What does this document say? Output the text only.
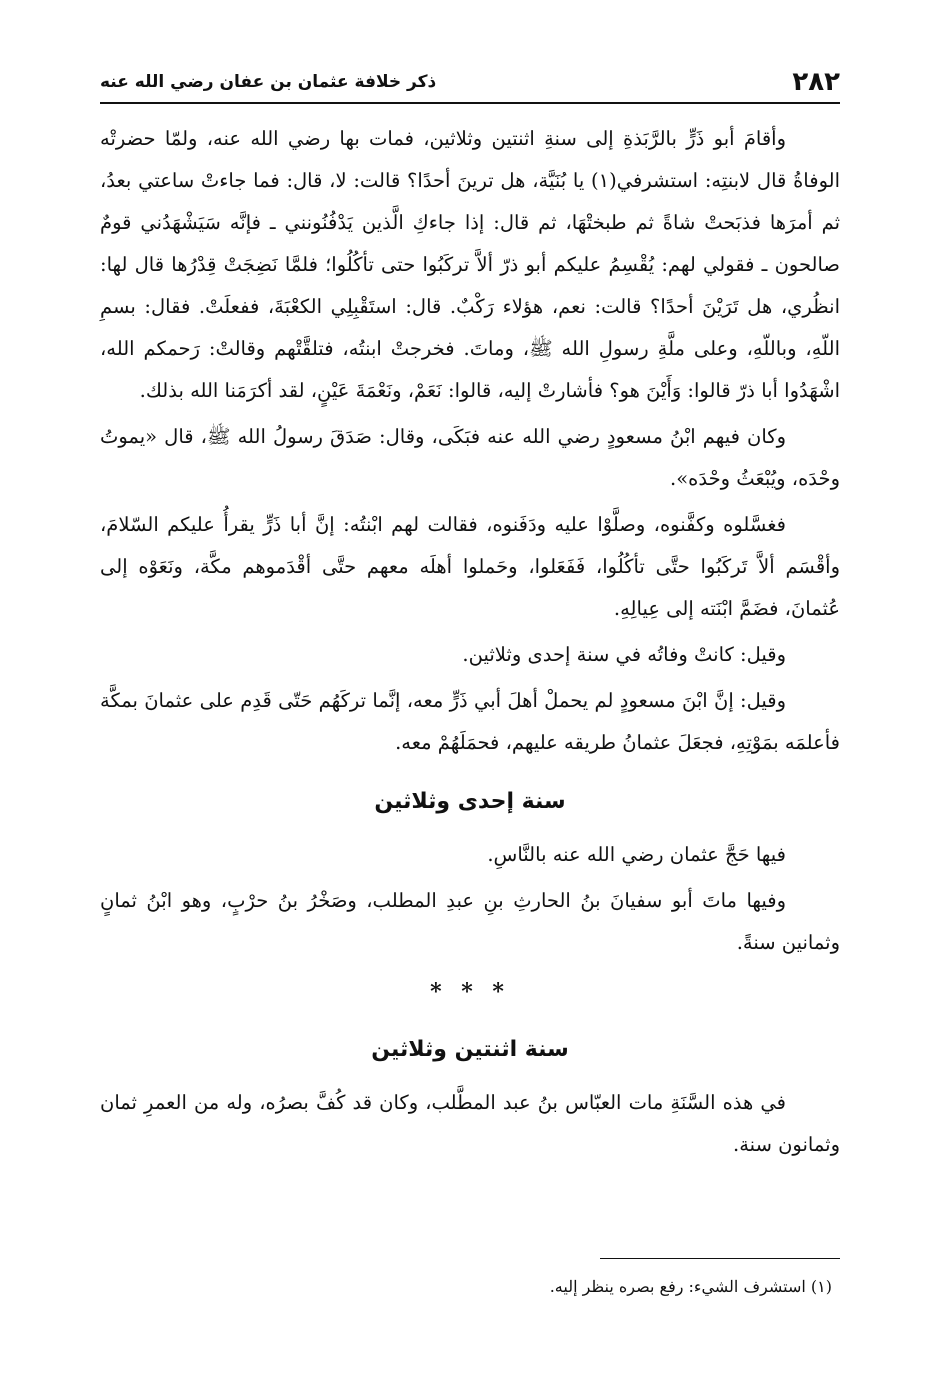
٢٨٢
ذكر خلافة عثمان بن عفان رضي الله عنه

وأقامَ أبو ذَرٍّ بالرَّبَذةِ إلى سنةِ اثنتين وثلاثين، فمات بها رضي الله عنه، ولمّا حضرتْه الوفاةُ قال لابنتِه: استشرفي(١) يا بُنَيَّة، هل ترينَ أحدًا؟ قالت: لا، قال: فما جاءتْ ساعتي بعدُ، ثم أمرَها فذبَحتْ شاةً ثم طبختْهَا، ثم قال: إذا جاءكِ الَّذين يَدْفُنُونني ـ فإنَّه سَيَشْهَدُني قومٌ صالحون ـ فقولي لهم: يُقْسِمُ عليكم أبو ذرّ ألاَّ تركَبُوا حتى تأكُلُوا؛ فلمَّا نَضِجَتْ قِدْرُها قال لها: انظُري، هل تَرَيْنَ أحدًا؟ قالت: نعم، هؤلاء رَكْبٌ. قال: استَقْبِلِي الكعْبَةَ، ففعلَتْ. فقال: بسمِ اللّهِ، وباللّهِ، وعلى ملَّةِ رسولِ الله ﷺ، وماتَ. فخرجتْ ابنتُه، فتلقَّتْهم وقالتْ: رَحمكم الله، اشْهَدُوا أبا ذرّ قالوا: وَأَيْنَ هو؟ فأشارتْ إليه، قالوا: نَعَمْ، ونَعْمَةَ عَيْنٍ، لقد أكرَمَنا الله بذلك.

وكان فيهم ابْنُ مسعودٍ رضي الله عنه فبَكَى، وقال: صَدَقَ رسولُ الله ﷺ، قال «يموتُ وحْدَه، ويُبْعَثُ وحْدَه».

فغسَّلوه وكفَّنوه، وصلَّوْا عليه ودَفَنوه، فقالت لهم ابْنتُه: إنَّ أبا ذَرٍّ يقرأُ عليكم السّلامَ، وأقْسَم ألاَّ تَركَبُوا حتَّى تأكُلُوا، فَفَعَلوا، وحَملوا أهلَه معهم حتَّى أقْدَموهم مكَّة، ونَعَوْه إلى عُثمانَ، فضَمَّ ابْنَته إلى عِيالِهِ.

وقيل: كانتْ وفاتُه في سنة إحدى وثلاثين.

وقيل: إنَّ ابْنَ مسعودٍ لم يحملْ أهلَ أبي ذَرٍّ معه، إنَّما تركَهُم حَتّى قَدِم على عثمانَ بمكَّة فأعلمَه بمَوْتِهِ، فجعَلَ عثمانُ طريقه عليهم، فحمَلَهُمْ معه.

سنة إحدى وثلاثين

فيها حَجَّ عثمان رضي الله عنه بالنَّاسِ.

وفيها ماتَ أبو سفيانَ بنُ الحارثِ بنِ عبدِ المطلب، وصَخْرُ بنُ حرْبٍ، وهو ابْنُ ثمانٍ وثمانين سنةً.

* * *
سنة اثنتين وثلاثين

في هذه السَّنَةِ مات العبّاس بنُ عبد المطَّلب، وكان قد كُفَّ بصرُه، وله من العمرِ ثمان وثمانون سنة.

(١) استشرف الشيء: رفع بصره ينظر إليه.
